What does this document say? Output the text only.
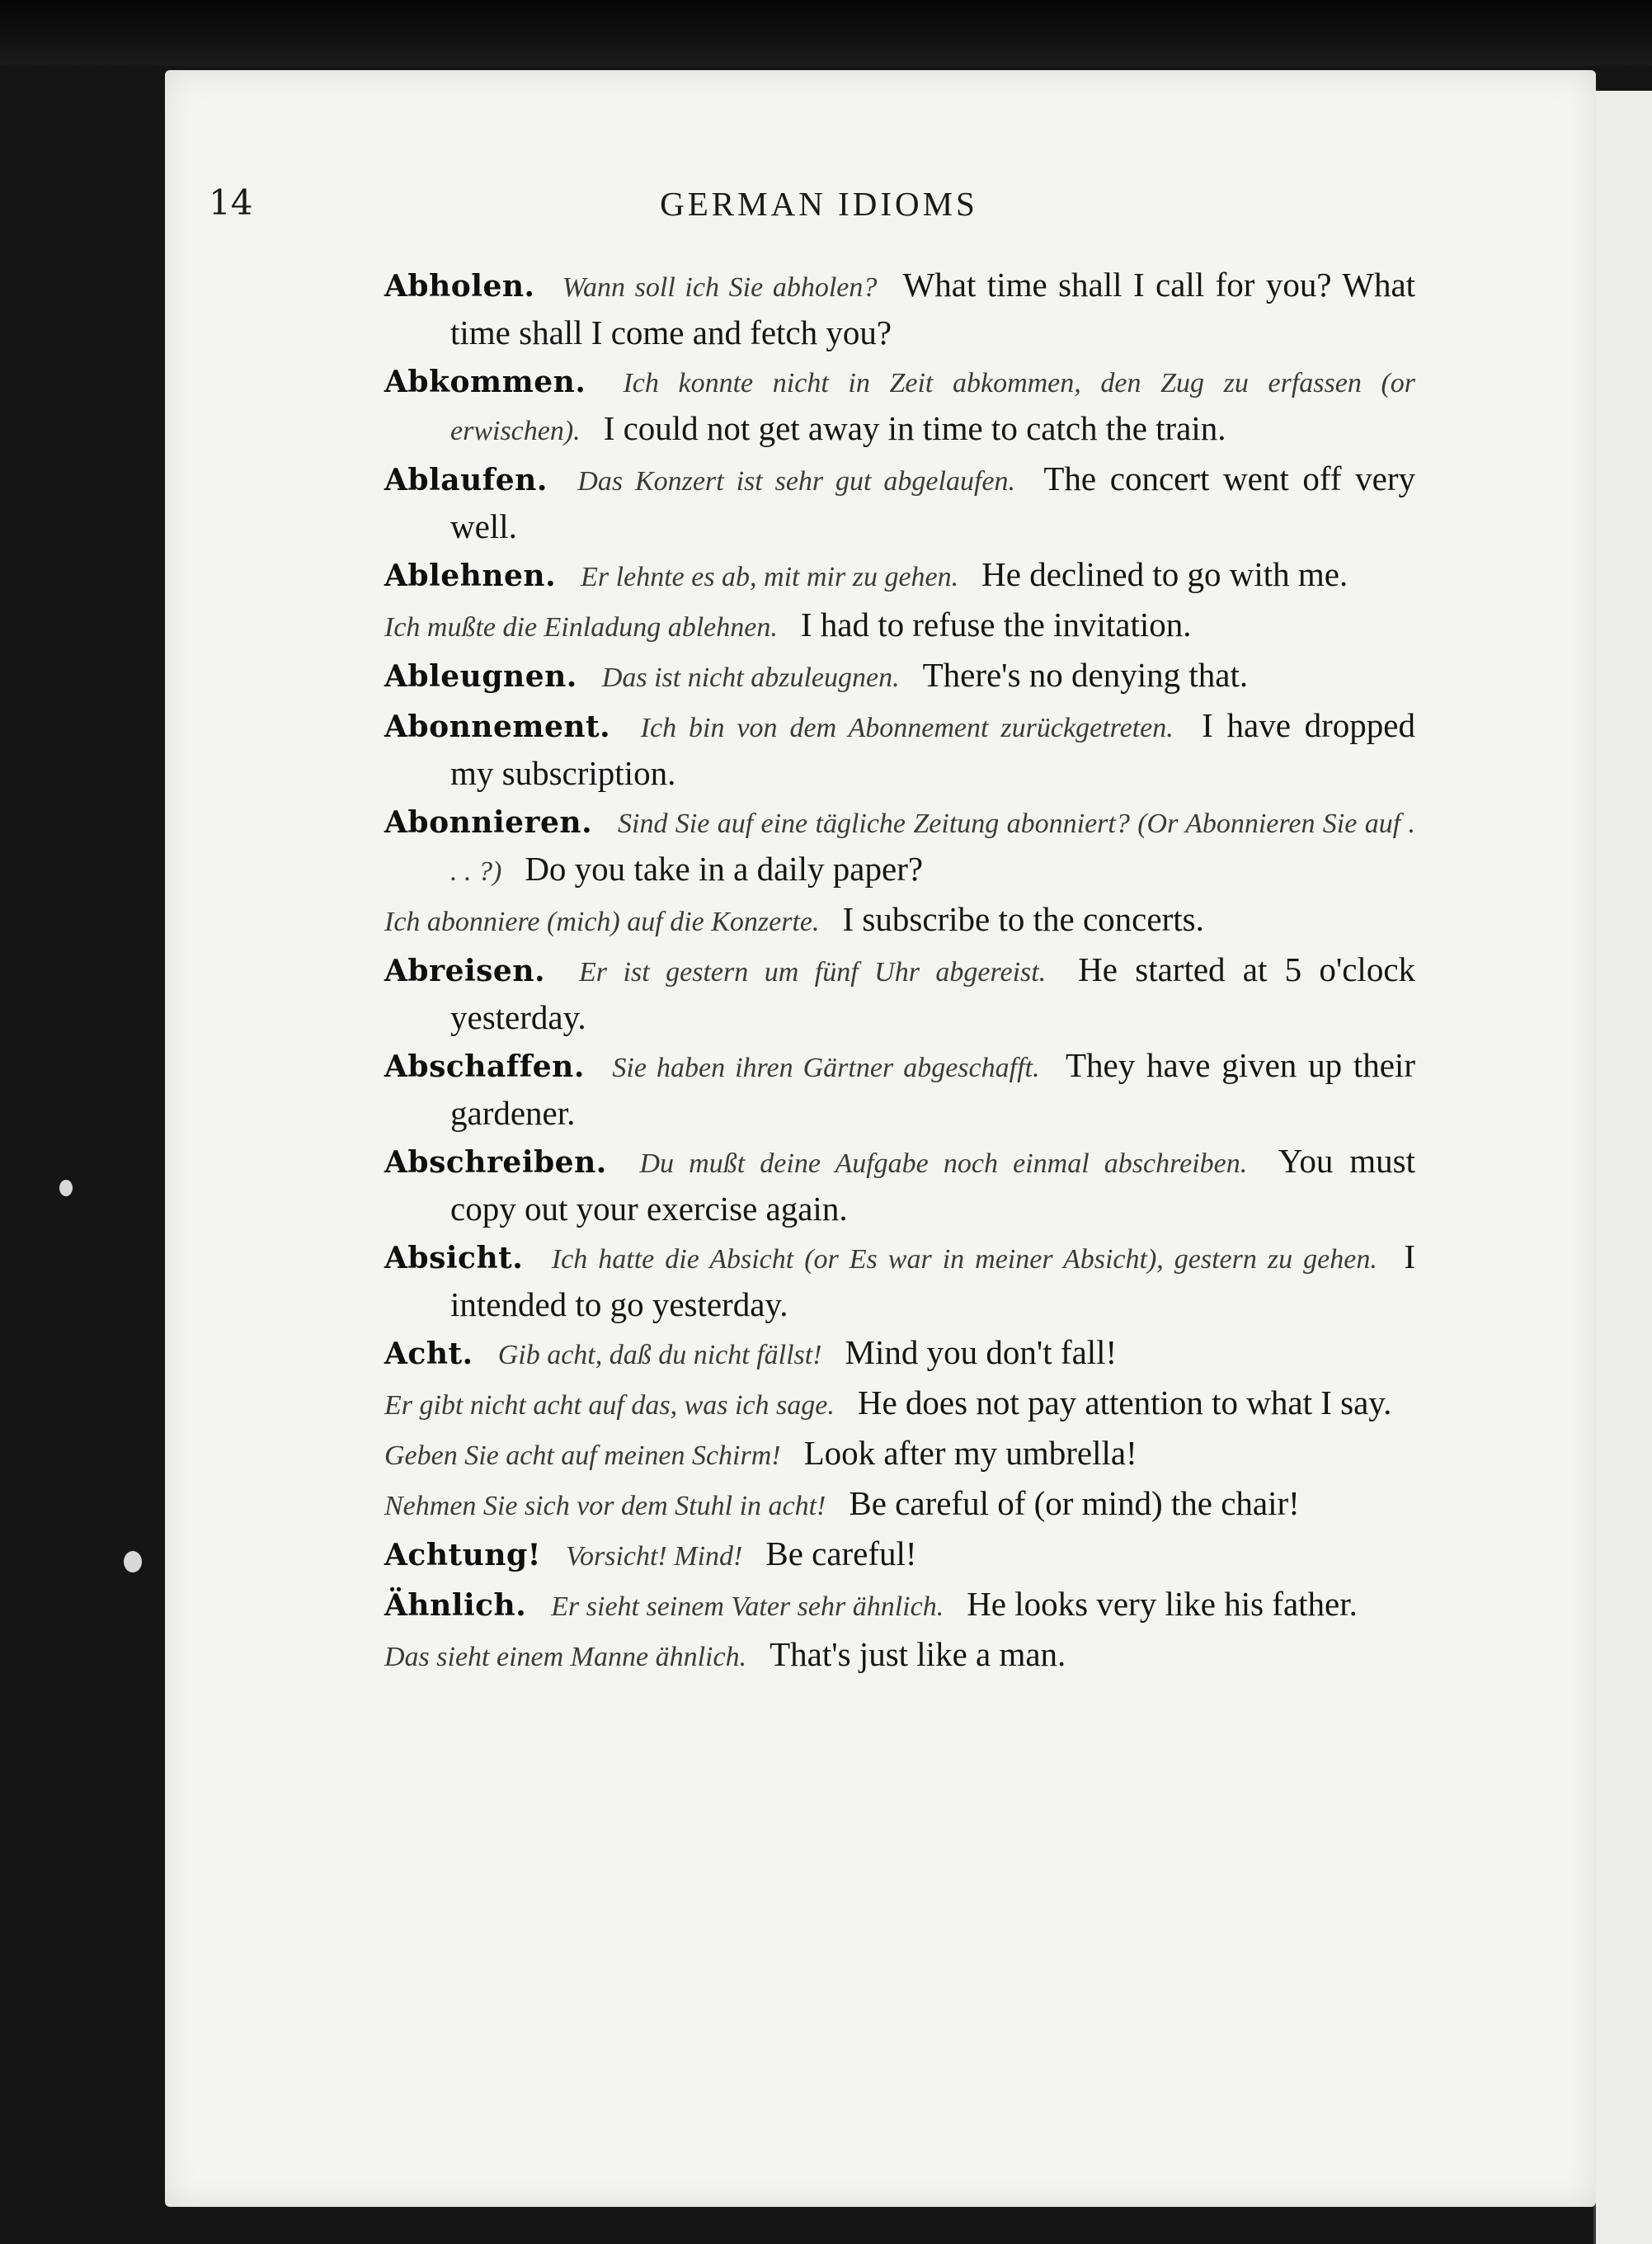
14	GERMAN IDIOMS
Abholen. Wann soll ich Sie abholen? What time shall I call for you? What time shall I come and fetch you?
Abkommen. Ich konnte nicht in Zeit abkommen, den Zug zu erfassen (or erwischen). I could not get away in time to catch the train.
Ablaufen. Das Konzert ist sehr gut abgelaufen. The concert went off very well.
Ablehnen. Er lehnte es ab, mit mir zu gehen. He declined to go with me.
Ich mußte die Einladung ablehnen. I had to refuse the invitation.
Ableugnen. Das ist nicht abzuleugnen. There's no denying that.
Abonnement. Ich bin von dem Abonnement zurückgetreten. I have dropped my subscription.
Abonnieren. Sind Sie auf eine tägliche Zeitung abonniert? (Or Abonnieren Sie auf . . . ?) Do you take in a daily paper?
Ich abonniere (mich) auf die Konzerte. I subscribe to the concerts.
Abreisen. Er ist gestern um fünf Uhr abgereist. He started at 5 o'clock yesterday.
Abschaffen. Sie haben ihren Gärtner abgeschafft. They have given up their gardener.
Abschreiben. Du mußt deine Aufgabe noch einmal abschreiben. You must copy out your exercise again.
Absicht. Ich hatte die Absicht (or Es war in meiner Absicht), gestern zu gehen. I intended to go yesterday.
Acht. Gib acht, daß du nicht fällst! Mind you don't fall!
Er gibt nicht acht auf das, was ich sage. He does not pay attention to what I say.
Geben Sie acht auf meinen Schirm! Look after my umbrella!
Nehmen Sie sich vor dem Stuhl in acht! Be careful of (or mind) the chair!
Achtung! Vorsicht! Mind! Be careful!
Ähnlich. Er sieht seinem Vater sehr ähnlich. He looks very like his father.
Das sieht einem Manne ähnlich. That's just like a man.
